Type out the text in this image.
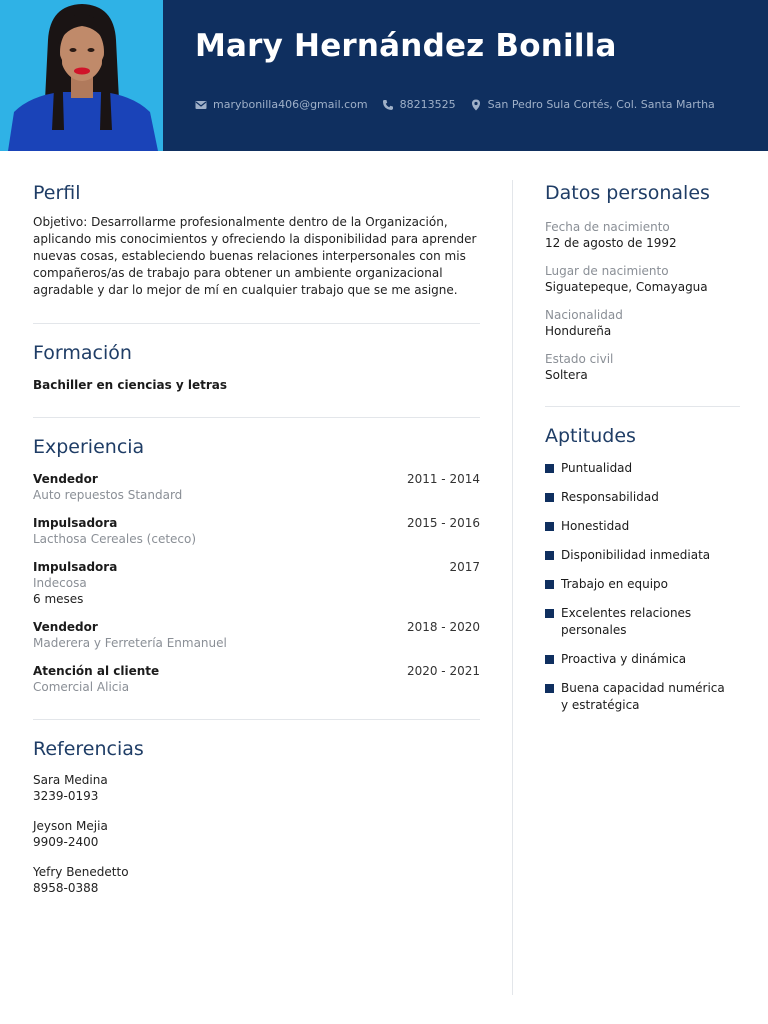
Mary Hernández Bonilla
marybonilla406@gmail.com	88213525	San Pedro Sula Cortés, Col. Santa Martha
Perfil

Objetivo: Desarrollarme profesionalmente dentro de la Organización, aplicando mis conocimientos y ofreciendo la disponibilidad para aprender nuevas cosas, estableciendo buenas relaciones interpersonales con mis compañeros/as de trabajo para obtener un ambiente organizacional agradable y dar lo mejor de mí en cualquier trabajo que se me asigne.

Formación
Bachiller en ciencias y letras
Experiencia
Vendedor
Auto repuestos Standard
2011 - 2014
Impulsadora
Lacthosa Cereales (ceteco)
2015 - 2016
Impulsadora
Indecosa
6 meses
2017
Vendedor
Maderera y Ferretería Enmanuel
2018 - 2020
Atención al cliente
Comercial Alicia
2020 - 2021
Referencias
Sara Medina
3239-0193
Jeyson Mejia
9909-2400
Yefry Benedetto
8958-0388
Datos personales
Fecha de nacimiento
12 de agosto de 1992
Lugar de nacimiento
Siguatepeque, Comayagua
Nacionalidad
Hondureña
Estado civil
Soltera
Aptitudes
Puntualidad
Responsabilidad
Honestidad
Disponibilidad inmediata
Trabajo en equipo
Excelentes relaciones personales
Proactiva y dinámica
Buena capacidad numérica y estratégica
